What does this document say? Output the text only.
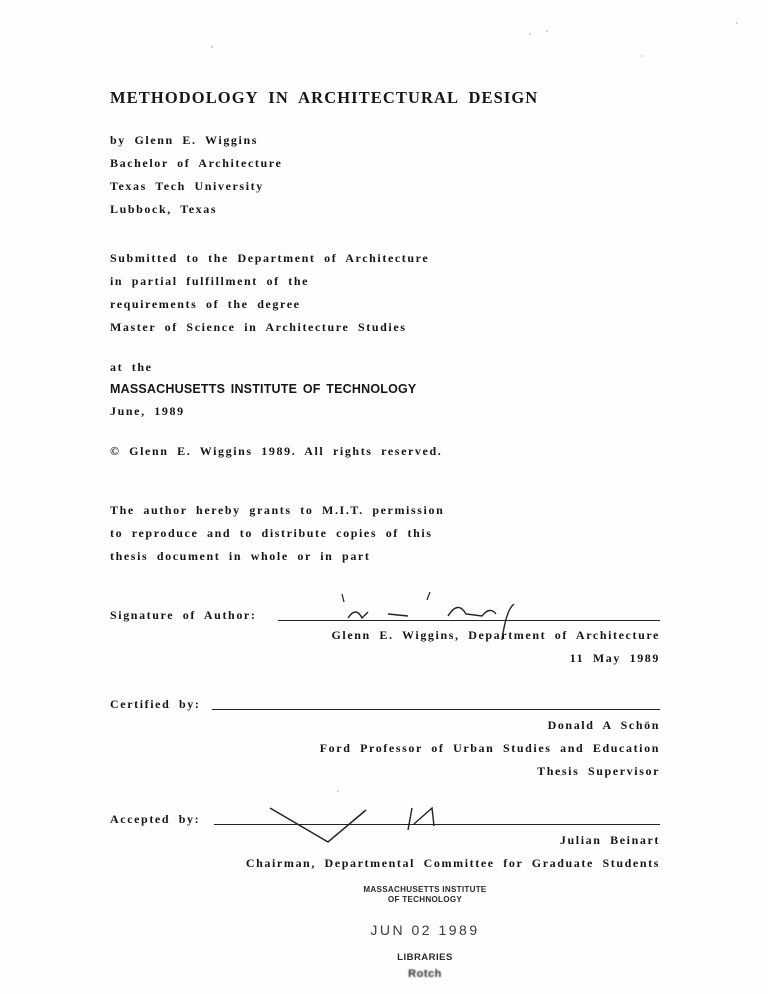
METHODOLOGY IN ARCHITECTURAL DESIGN
by Glenn E. Wiggins
Bachelor of Architecture
Texas Tech University
Lubbock, Texas
Submitted to the Department of Architecture
in partial fulfillment of the
requirements of the degree
Master of Science in Architecture Studies
at the
MASSACHUSETTS INSTITUTE OF TECHNOLOGY
June, 1989
© Glenn E. Wiggins 1989. All rights reserved.
The author hereby grants to M.I.T. permission
to reproduce and to distribute copies of this
thesis document in whole or in part
Signature of Author:
Glenn E. Wiggins, Department of Architecture
11 May 1989
Certified by:
Donald A Schön
Ford Professor of Urban Studies and Education
Thesis Supervisor
Accepted by:
Julian Beinart
Chairman, Departmental Committee for Graduate Students
MASSACHUSETTS INSTITUTE
OF TECHNOLOGY
JUN 02 1989
LIBRARIES
Rotch
